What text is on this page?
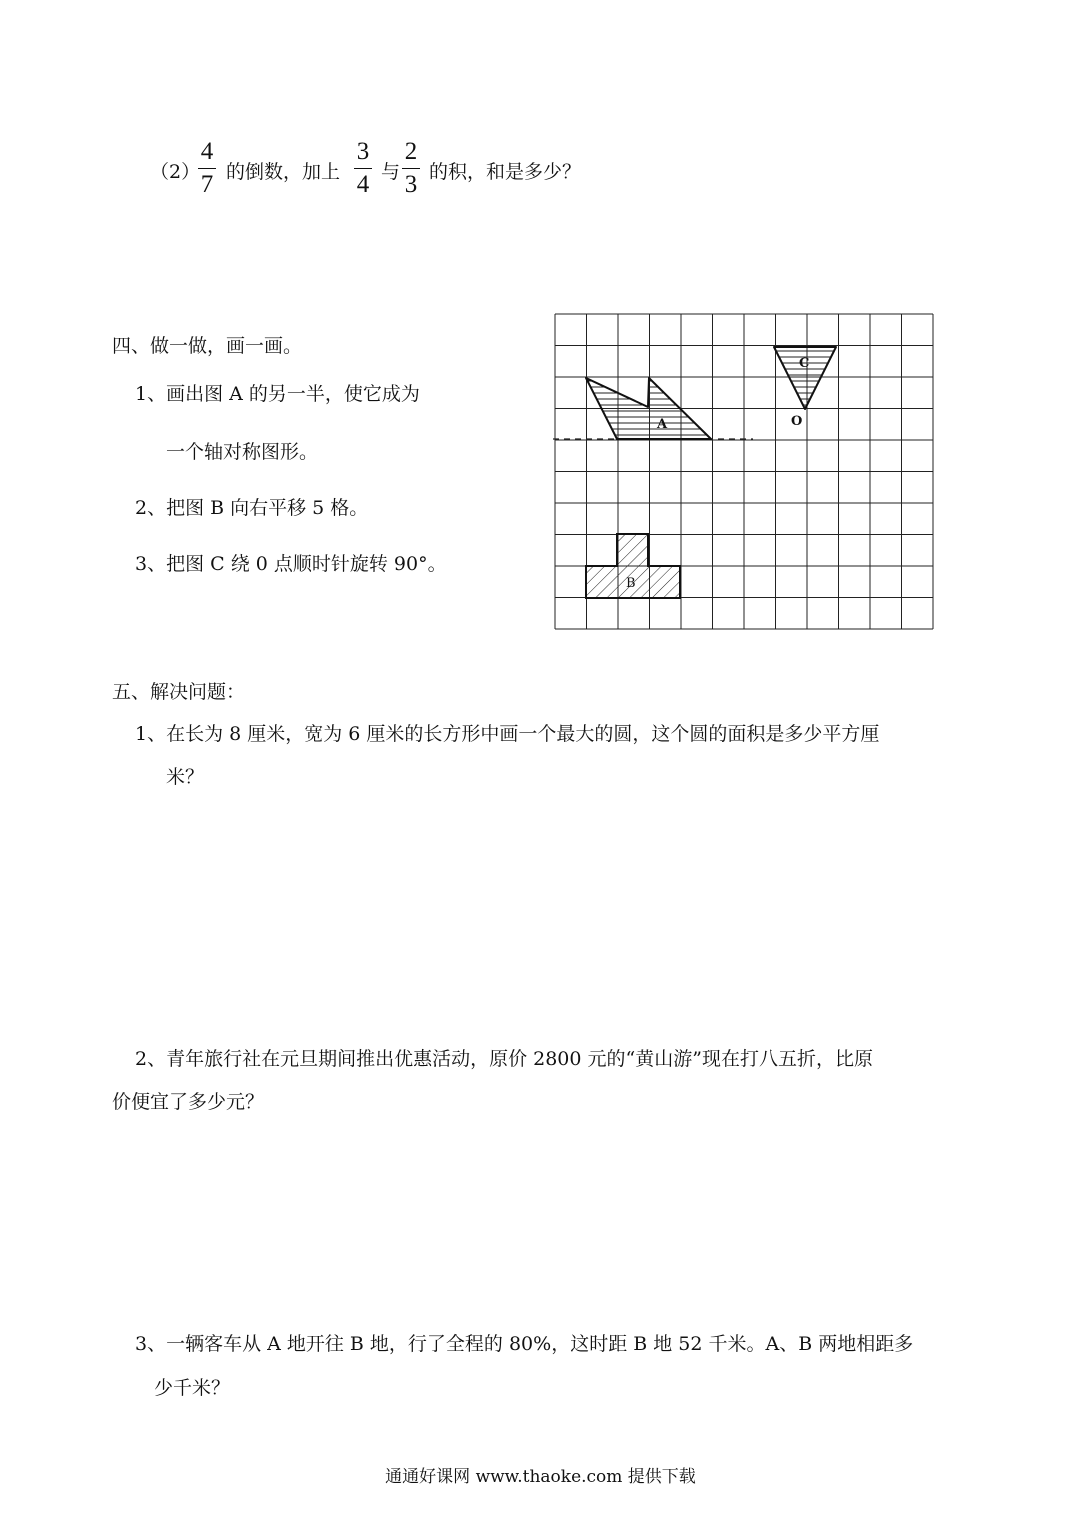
（2）
4
7 的倒数，加上
3
4 与
2
3 的积，和是多少？
四、做一做，画一画。
1、画出图 A 的另一半，使它成为
一个轴对称图形。
2、把图 B 向右平移 5 格。
3、把图 C 绕 0 点顺时针旋转 90°。
A
C
O
B
五、解决问题：
1、在长为 8 厘米，宽为 6 厘米的长方形中画一个最大的圆，这个圆的面积是多少平方厘
米？
2、青年旅行社在元旦期间推出优惠活动，原价 2800 元的“黄山游”现在打八五折，比原
价便宜了多少元？
3、一辆客车从 A 地开往 B 地，行了全程的 80%，这时距 B 地 52 千米。A、B 两地相距多
少千米？
通通好课网 www.thaoke.com 提供下载
